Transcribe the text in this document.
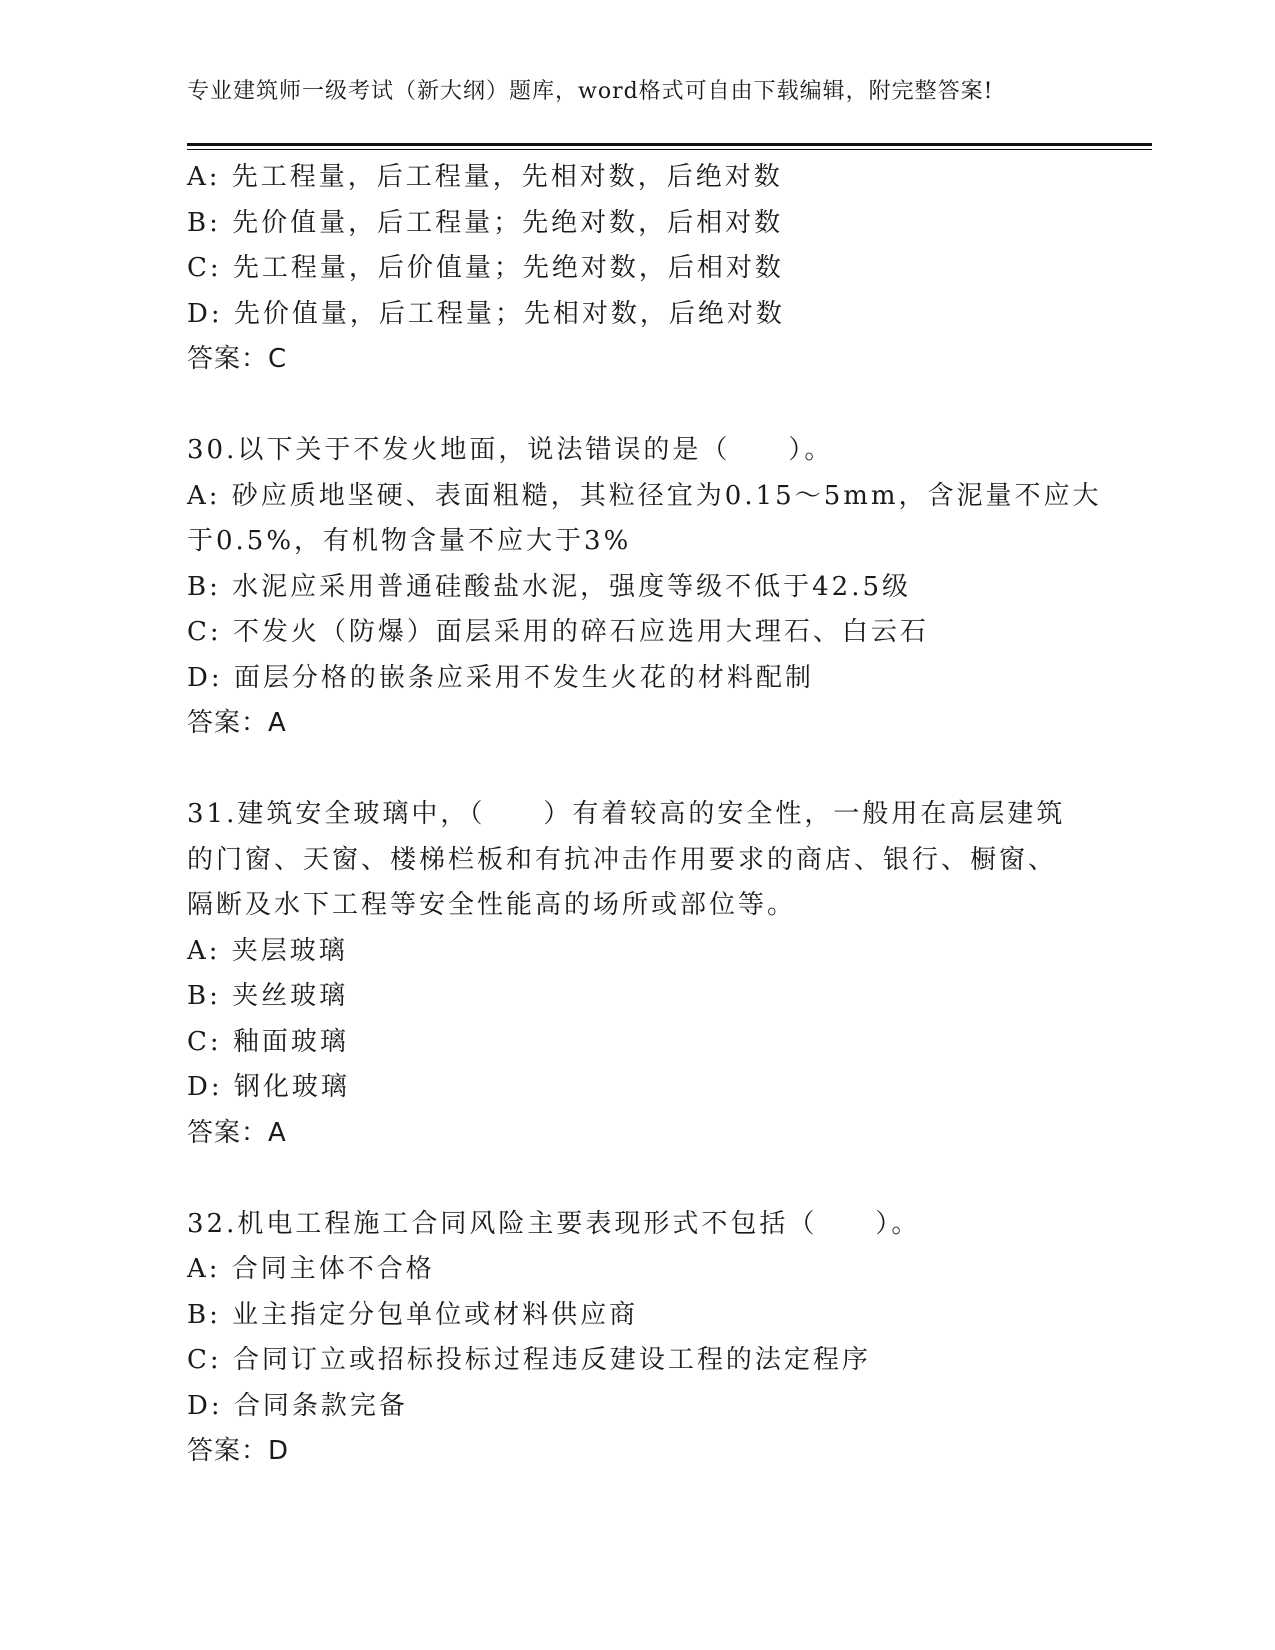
专业建筑师一级考试（新大纲）题库，word格式可自由下载编辑，附完整答案!
A: 先工程量，后工程量，先相对数，后绝对数
B: 先价值量，后工程量；先绝对数，后相对数
C: 先工程量，后价值量；先绝对数，后相对数
D: 先价值量，后工程量；先相对数，后绝对数
答案：C
30.以下关于不发火地面，说法错误的是（　　）。
A: 砂应质地坚硬、表面粗糙，其粒径宜为0.15～5mm，含泥量不应大
于0.5%，有机物含量不应大于3%
B: 水泥应采用普通硅酸盐水泥，强度等级不低于42.5级
C: 不发火（防爆）面层采用的碎石应选用大理石、白云石
D: 面层分格的嵌条应采用不发生火花的材料配制
答案：A
31.建筑安全玻璃中，（　　）有着较高的安全性，一般用在高层建筑
的门窗、天窗、楼梯栏板和有抗冲击作用要求的商店、银行、橱窗、
隔断及水下工程等安全性能高的场所或部位等。
A: 夹层玻璃
B: 夹丝玻璃
C: 釉面玻璃
D: 钢化玻璃
答案：A
32.机电工程施工合同风险主要表现形式不包括（　　）。
A: 合同主体不合格
B: 业主指定分包单位或材料供应商
C: 合同订立或招标投标过程违反建设工程的法定程序
D: 合同条款完备
答案：D
